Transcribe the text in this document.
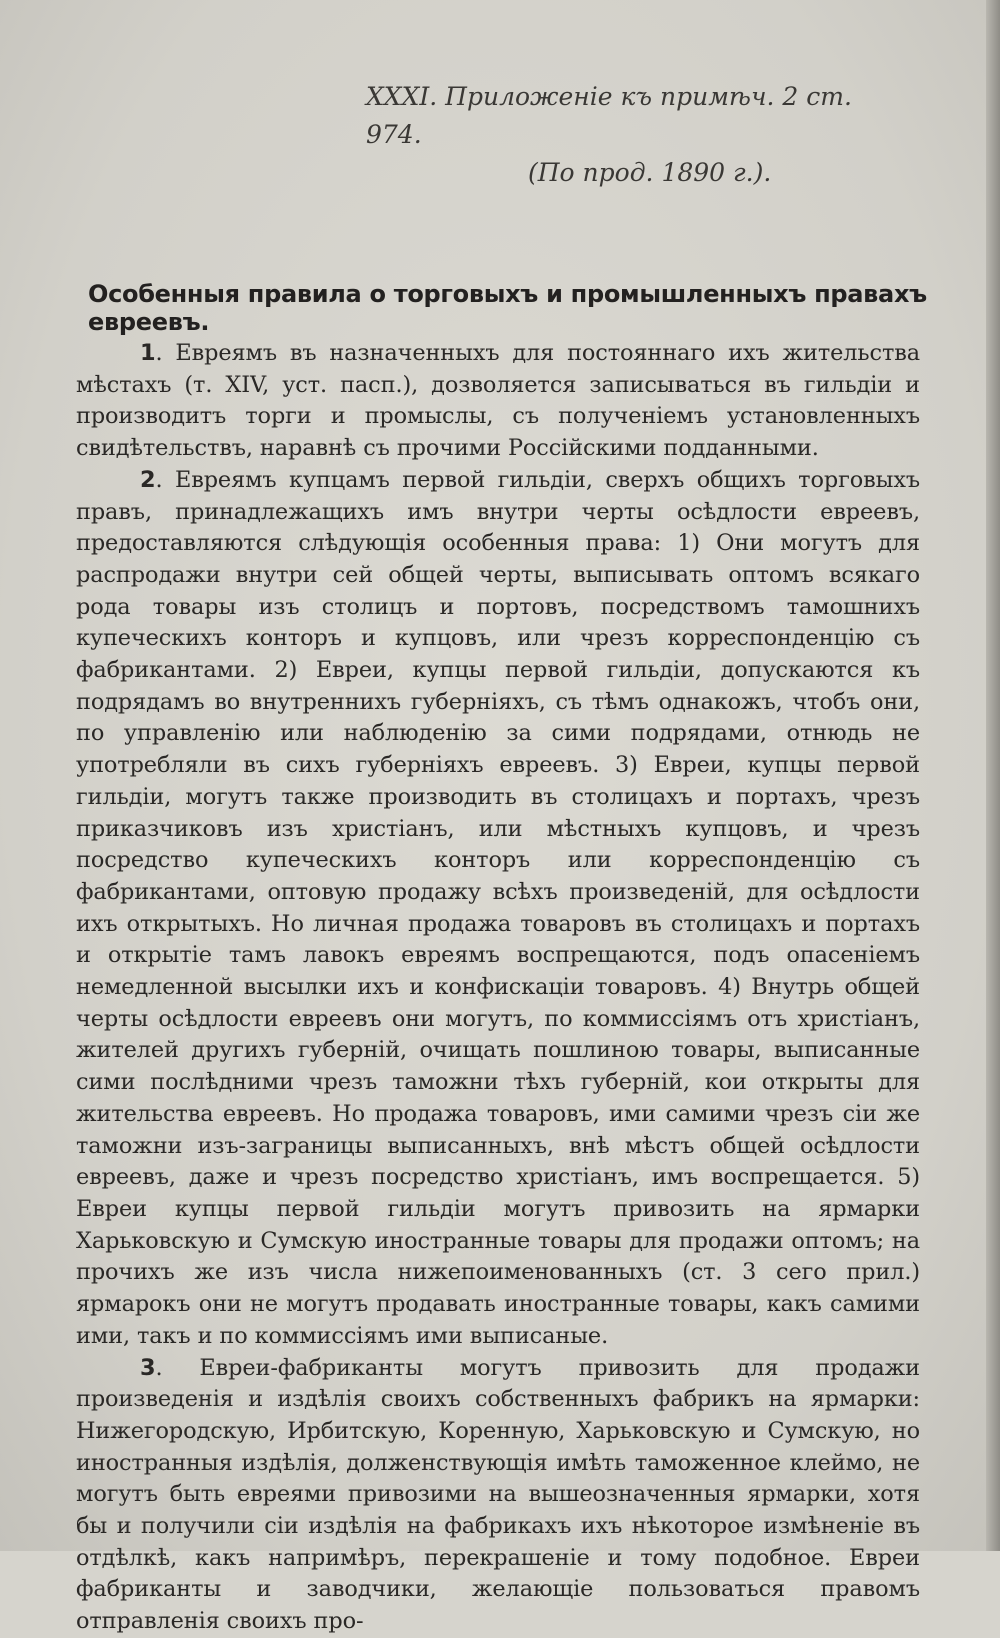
XXXI. Приложеніе къ примѣч. 2 ст. 974.
(По прод. 1890 г.).
Особенныя правила о торговыхъ и промышленныхъ правахъ евреевъ.

1. Евреямъ въ назначенныхъ для постояннаго ихъ жительства мѣстахъ (т. XIV, уст. пасп.), дозволяется записываться въ гильдіи и производитъ торги и промыслы, съ полученіемъ установленныхъ свидѣтельствъ, наравнѣ съ прочими Россійскими подданными.

2. Евреямъ купцамъ первой гильдіи, сверхъ общихъ торговыхъ правъ, принадлежащихъ имъ внутри черты осѣдлости евреевъ, предоставляются слѣдующія особенныя права: 1) Они могутъ для распродажи внутри сей общей черты, выписывать оптомъ всякаго рода товары изъ столицъ и портовъ, посредствомъ тамошнихъ купеческихъ конторъ и купцовъ, или чрезъ корреспонденцію съ фабрикантами. 2) Евреи, купцы первой гильдіи, допускаются къ подрядамъ во внутреннихъ губерніяхъ, съ тѣмъ однакожъ, чтобъ они, по управленію или наблюденію за сими подрядами, отнюдь не употребляли въ сихъ губерніяхъ евреевъ. 3) Евреи, купцы первой гильдіи, могутъ также производить въ столицахъ и портахъ, чрезъ приказчиковъ изъ христіанъ, или мѣстныхъ купцовъ, и чрезъ посредство купеческихъ конторъ или корреспонденцію съ фабрикантами, оптовую продажу всѣхъ произведеній, для осѣдлости ихъ открытыхъ. Но личная продажа товаровъ въ столицахъ и портахъ и открытіе тамъ лавокъ евреямъ воспрещаются, подъ опасеніемъ немедленной высылки ихъ и конфискаціи товаровъ. 4) Внутрь общей черты осѣдлости евреевъ они могутъ, по коммиссіямъ отъ христіанъ, жителей другихъ губерній, очищать пошлиною товары, выписанные сими послѣдними чрезъ таможни тѣхъ губерній, кои открыты для жительства евреевъ. Но продажа товаровъ, ими самими чрезъ сіи же таможни изъ-заграницы выписанныхъ, внѣ мѣстъ общей осѣдлости евреевъ, даже и чрезъ посредство христіанъ, имъ воспрещается. 5) Евреи купцы первой гильдіи могутъ привозить на ярмарки Харьковскую и Сумскую иностранные товары для продажи оптомъ; на прочихъ же изъ числа нижепоименованныхъ (ст. 3 сего прил.) ярмарокъ они не могутъ продавать иностранные товары, какъ самими ими, такъ и по коммиссіямъ ими выписаные.

3. Евреи-фабриканты могутъ привозить для продажи произведенія и издѣлія своихъ собственныхъ фабрикъ на ярмарки: Нижегородскую, Ирбитскую, Коренную, Харьковскую и Сумскую, но иностранныя издѣлія, долженствующія имѣть таможенное клеймо, не могутъ быть евреями привозими на вышеозначенныя ярмарки, хотя бы и получили сіи издѣлія на фабрикахъ ихъ нѣкоторое измѣненіе въ отдѣлкѣ, какъ напримѣръ, перекрашеніе и тому подобное. Евреи фабриканты и заводчики, желающіе пользоваться правомъ отправленія своихъ про-
